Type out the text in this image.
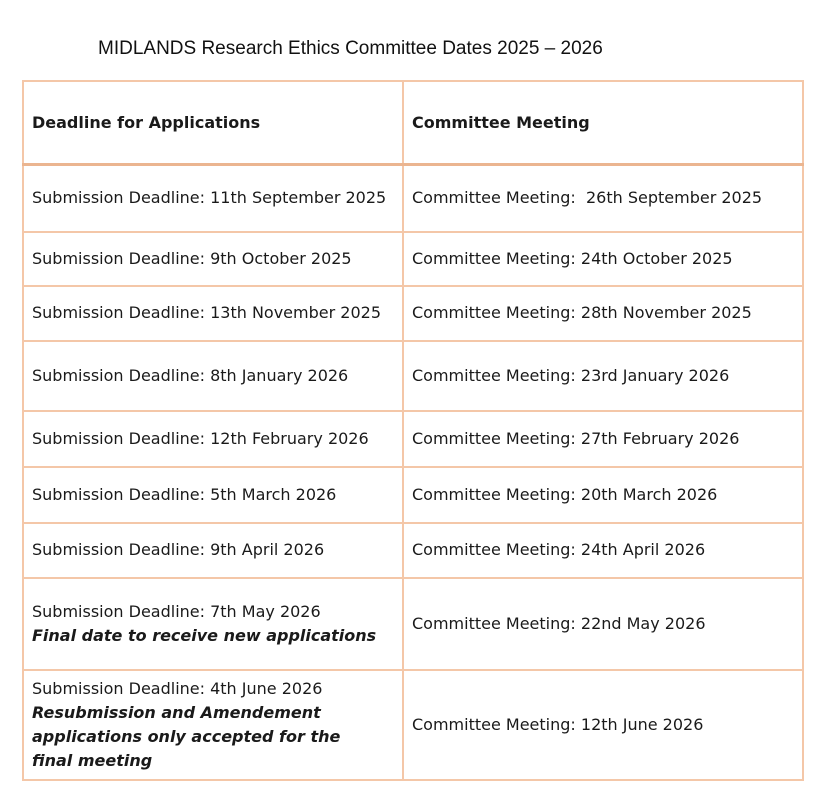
MIDLANDS Research Ethics Committee Dates 2025 – 2026
Deadline for Applications	Committee Meeting
Submission Deadline: 11th September 2025	Committee Meeting:  26th September 2025
Submission Deadline: 9th October 2025	Committee Meeting: 24th October 2025
Submission Deadline: 13th November 2025	Committee Meeting: 28th November 2025
Submission Deadline: 8th January 2026	Committee Meeting: 23rd January 2026
Submission Deadline: 12th February 2026	Committee Meeting: 27th February 2026
Submission Deadline: 5th March 2026	Committee Meeting: 20th March 2026
Submission Deadline: 9th April 2026	Committee Meeting: 24th April 2026
Submission Deadline: 7th May 2026
Final date to receive new applications	Committee Meeting: 22nd May 2026
Submission Deadline: 4th June 2026
Resubmission and Amendement applications only accepted for the final meeting	Committee Meeting: 12th June 2026
